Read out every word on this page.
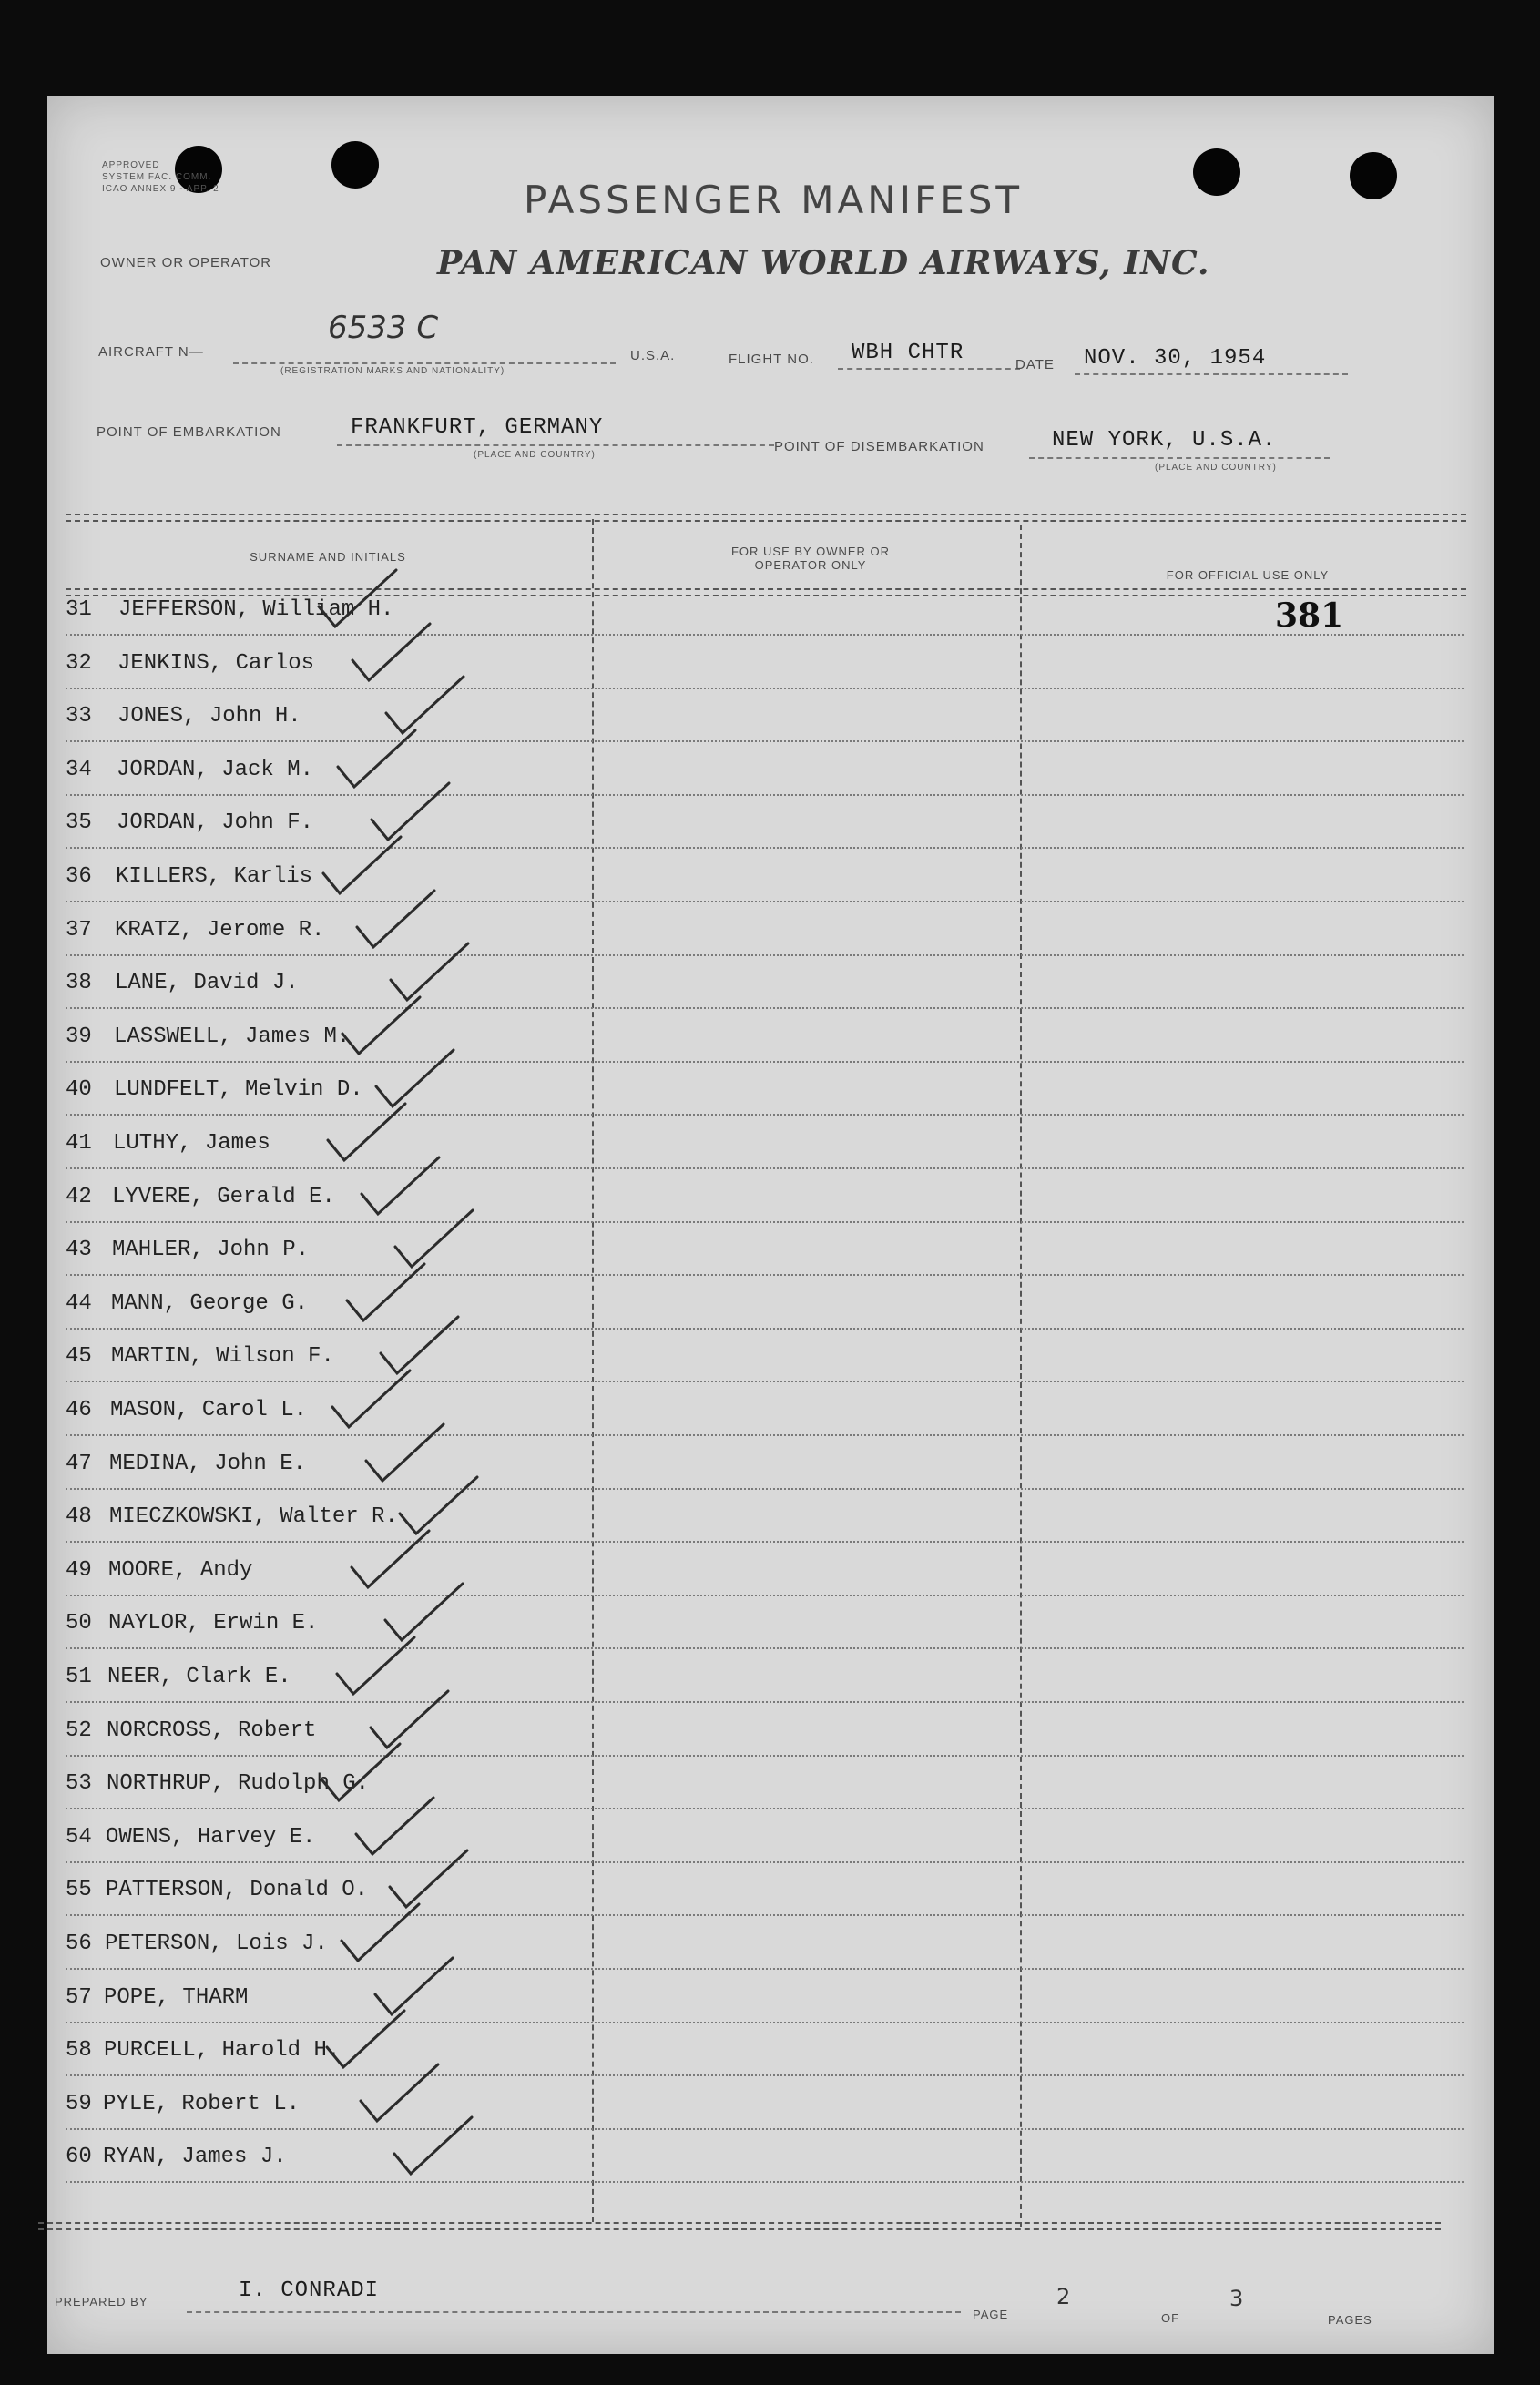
APPROVED
SYSTEM FAC. COMM.
ICAO ANNEX 9 - APP. 2	PASSENGER MANIFEST
OWNER OR OPERATOR	PAN AMERICAN WORLD AIRWAYS, INC.
AIRCRAFT N—
6533 C
(REGISTRATION MARKS AND NATIONALITY)
U.S.A.	FLIGHT NO. WBH CHTR	DATE NOV. 30, 1954
POINT OF EMBARKATION	FRANKFURT, GERMANY
(PLACE AND COUNTRY)
POINT OF DISEMBARKATION	NEW YORK, U.S.A.
(PLACE AND COUNTRY)
SURNAME AND INITIALS	FOR USE BY OWNER OR OPERATOR ONLY
FOR OFFICIAL USE ONLY
381
31 JEFFERSON, William H.
32 JENKINS, Carlos
33 JONES, John H.
34 JORDAN, Jack M.
35 JORDAN, John F.
36 KILLERS, Karlis
37 KRATZ, Jerome R.
38 LANE, David J.
39 LASSWELL, James M.
40 LUNDFELT, Melvin D.
41 LUTHY, James
42 LYVERE, Gerald E.
43 MAHLER, John P.
44 MANN, George G.
45 MARTIN, Wilson F.
46 MASON, Carol L.
47 MEDINA, John E.
48 MIECZKOWSKI, Walter R.
49 MOORE, Andy
50 NAYLOR, Erwin E.
51 NEER, Clark E.
52 NORCROSS, Robert
53 NORTHRUP, Rudolph G.
54 OWENS, Harvey E.
55 PATTERSON, Donald O.
56 PETERSON, Lois J.
57 POPE, THARM
58 PURCELL, Harold H.
59 PYLE, Robert L.
60 RYAN, James J.
PREPARED BY	I. CONRADI
PAGE
2
OF
3
PAGES
